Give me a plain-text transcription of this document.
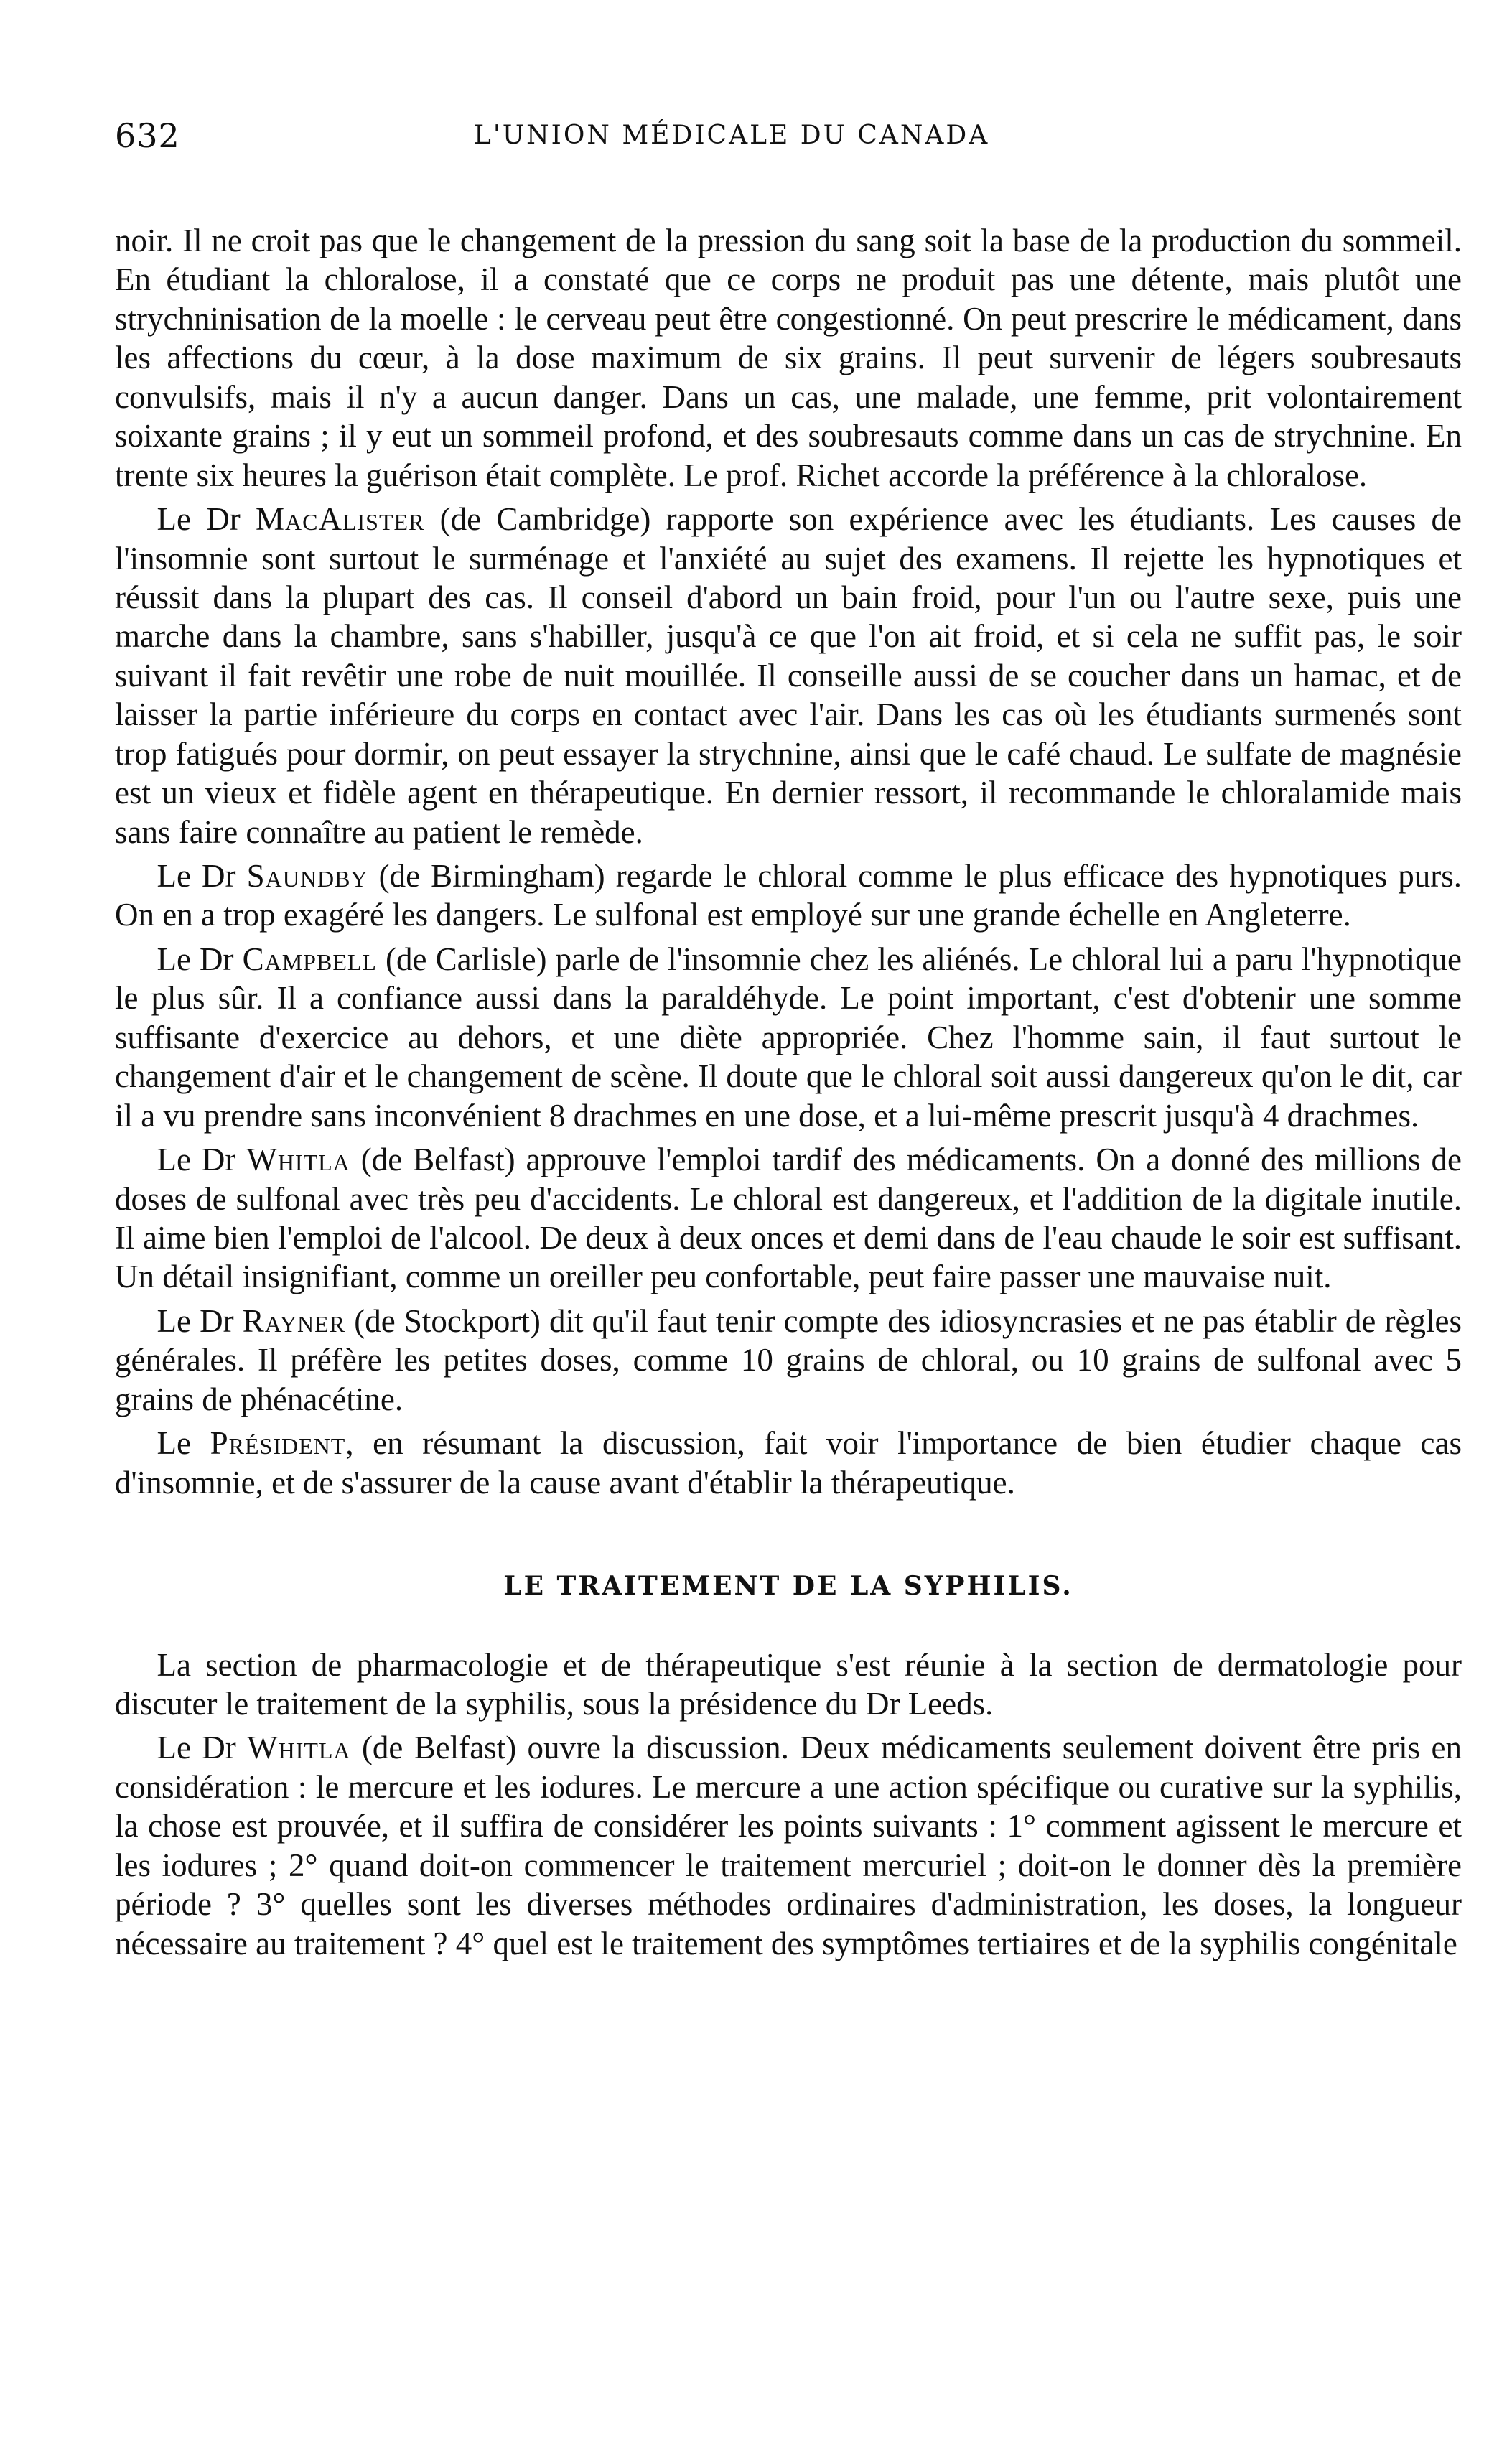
632	L'UNION MÉDICALE DU CANADA

noir. Il ne croit pas que le changement de la pression du sang soit la base de la production du sommeil. En étudiant la chloralose, il a constaté que ce corps ne produit pas une détente, mais plutôt une strychninisation de la moelle : le cerveau peut être congestionné. On peut prescrire le médicament, dans les affections du cœur, à la dose maximum de six grains. Il peut survenir de légers soubresauts convulsifs, mais il n'y a aucun danger. Dans un cas, une malade, une femme, prit volontairement soixante grains ; il y eut un sommeil profond, et des soubresauts comme dans un cas de strychnine. En trente six heures la guérison était complète. Le prof. Richet accorde la préférence à la chloralose.

Le Dr MacAlister (de Cambridge) rapporte son expérience avec les étudiants. Les causes de l'insomnie sont surtout le surménage et l'anxiété au sujet des examens. Il rejette les hypnotiques et réussit dans la plupart des cas. Il conseil d'abord un bain froid, pour l'un ou l'autre sexe, puis une marche dans la chambre, sans s'habiller, jusqu'à ce que l'on ait froid, et si cela ne suffit pas, le soir suivant il fait revêtir une robe de nuit mouillée. Il conseille aussi de se coucher dans un hamac, et de laisser la partie inférieure du corps en contact avec l'air. Dans les cas où les étudiants surmenés sont trop fatigués pour dormir, on peut essayer la strychnine, ainsi que le café chaud. Le sulfate de magnésie est un vieux et fidèle agent en thérapeutique. En dernier ressort, il recommande le chloralamide mais sans faire connaître au patient le remède.

Le Dr Saundby (de Birmingham) regarde le chloral comme le plus efficace des hypnotiques purs. On en a trop exagéré les dangers. Le sulfonal est employé sur une grande échelle en Angleterre.

Le Dr Campbell (de Carlisle) parle de l'insomnie chez les aliénés. Le chloral lui a paru l'hypnotique le plus sûr. Il a confiance aussi dans la paraldéhyde. Le point important, c'est d'obtenir une somme suffisante d'exercice au dehors, et une diète appropriée. Chez l'homme sain, il faut surtout le changement d'air et le changement de scène. Il doute que le chloral soit aussi dangereux qu'on le dit, car il a vu prendre sans inconvénient 8 drachmes en une dose, et a lui-même prescrit jusqu'à 4 drachmes.

Le Dr Whitla (de Belfast) approuve l'emploi tardif des médicaments. On a donné des millions de doses de sulfonal avec très peu d'accidents. Le chloral est dangereux, et l'addition de la digitale inutile. Il aime bien l'emploi de l'alcool. De deux à deux onces et demi dans de l'eau chaude le soir est suffisant. Un détail insignifiant, comme un oreiller peu confortable, peut faire passer une mauvaise nuit.

Le Dr Rayner (de Stockport) dit qu'il faut tenir compte des idiosyncrasies et ne pas établir de règles générales. Il préfère les petites doses, comme 10 grains de chloral, ou 10 grains de sulfonal avec 5 grains de phénacétine.

Le Président, en résumant la discussion, fait voir l'importance de bien étudier chaque cas d'insomnie, et de s'assurer de la cause avant d'établir la thérapeutique.

LE TRAITEMENT DE LA SYPHILIS.

La section de pharmacologie et de thérapeutique s'est réunie à la section de dermatologie pour discuter le traitement de la syphilis, sous la présidence du Dr Leeds.

Le Dr Whitla (de Belfast) ouvre la discussion. Deux médicaments seulement doivent être pris en considération : le mercure et les iodures. Le mercure a une action spécifique ou curative sur la syphilis, la chose est prouvée, et il suffira de considérer les points suivants : 1° comment agissent le mercure et les iodures ; 2° quand doit-on commencer le traitement mercuriel ; doit-on le donner dès la première période ? 3° quelles sont les diverses méthodes ordinaires d'administration, les doses, la longueur nécessaire au traitement ? 4° quel est le traitement des symptômes tertiaires et de la syphilis congénitale
